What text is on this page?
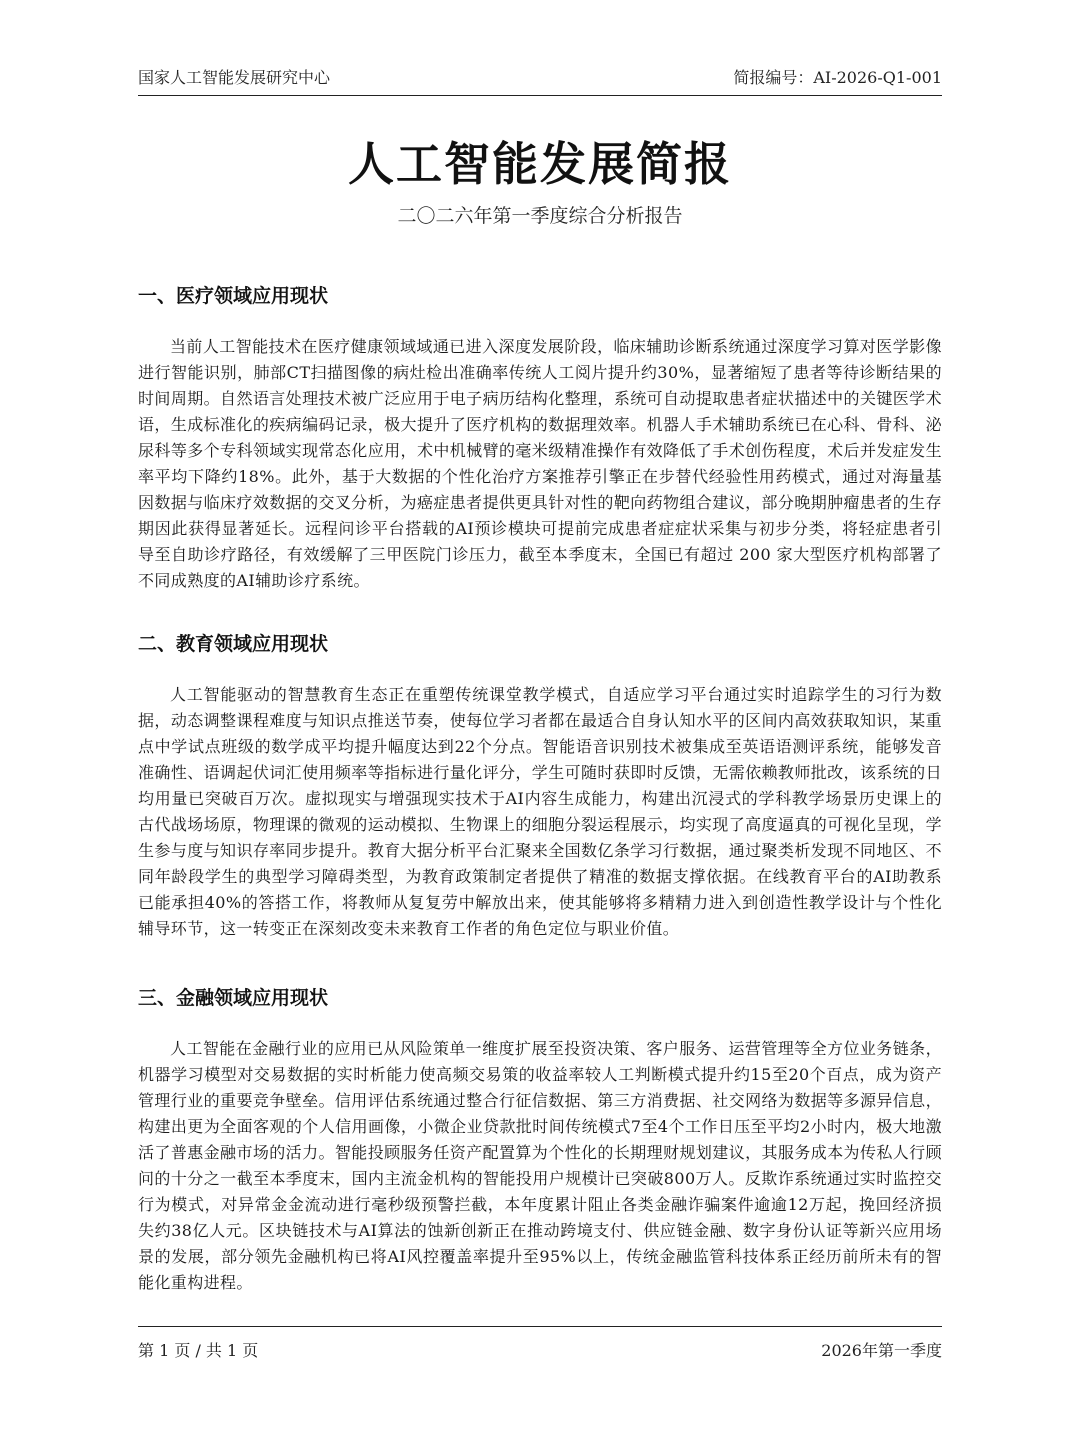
国家人工智能发展研究中心	简报编号：AI-2026-Q1-001
人工智能发展简报
二〇二六年第一季度综合分析报告
一、医疗领域应用现状

当前人工智能技术在医疗健康领域域通已进入深度发展阶段，临床辅助诊断系统通过深度学习算对医学影像进行智能识别，肺部CT扫描图像的病灶检出准确率传统人工阅片提升约30%，显著缩短了患者等待诊断结果的时间周期。自然语言处理技术被广泛应用于电子病历结构化整理，系统可自动提取患者症状描述中的关键医学术语，生成标准化的疾病编码记录，极大提升了医疗机构的数据理效率。机器人手术辅助系统已在心科、骨科、泌尿科等多个专科领域实现常态化应用，术中机械臂的毫米级精准操作有效降低了手术创伤程度，术后并发症发生率平均下降约18%。此外，基于大数据的个性化治疗方案推荐引擎正在步替代经验性用药模式，通过对海量基因数据与临床疗效数据的交叉分析，为癌症患者提供更具针对性的靶向药物组合建议，部分晚期肿瘤患者的生存期因此获得显著延长。远程问诊平台搭载的AI预诊模块可提前完成患者症症状采集与初步分类，将轻症患者引导至自助诊疗路径，有效缓解了三甲医院门诊压力，截至本季度末，全国已有超过 200 家大型医疗机构部署了不同成熟度的AI辅助诊疗系统。

二、教育领域应用现状

人工智能驱动的智慧教育生态正在重塑传统课堂教学模式，自适应学习平台通过实时追踪学生的习行为数据，动态调整课程难度与知识点推送节奏，使每位学习者都在最适合自身认知水平的区间内高效获取知识，某重点中学试点班级的数学成平均提升幅度达到22个分点。智能语音识别技术被集成至英语语测评系统，能够发音准确性、语调起伏词汇使用频率等指标进行量化评分，学生可随时获即时反馈，无需依赖教师批改，该系统的日均用量已突破百万次。虚拟现实与增强现实技术于AI内容生成能力，构建出沉浸式的学科教学场景历史课上的古代战场场原，物理课的微观的运动模拟、生物课上的细胞分裂运程展示，均实现了高度逼真的可视化呈现，学生参与度与知识存率同步提升。教育大据分析平台汇聚来全国数亿条学习行数据，通过聚类析发现不同地区、不同年龄段学生的典型学习障碍类型，为教育政策制定者提供了精准的数据支撑依据。在线教育平台的AI助教系已能承担40%的答搭工作，将教师从复复劳中解放出来，使其能够将多精精力进入到创造性教学设计与个性化辅导环节，这一转变正在深刻改变未来教育工作者的角色定位与职业价值。

三、金融领域应用现状

人工智能在金融行业的应用已从风险策单一维度扩展至投资决策、客户服务、运营管理等全方位业务链条，机器学习模型对交易数据的实时析能力使高频交易策的收益率较人工判断模式提升约15至20个百点，成为资产管理行业的重要竞争壁垒。信用评估系统通过整合行征信数据、第三方消费据、社交网络为数据等多源异信息，构建出更为全面客观的个人信用画像，小微企业贷款批时间传统模式7至4个工作日压至平均2小时内，极大地激活了普惠金融市场的活力。智能投顾服务任资产配置算为个性化的长期理财规划建议，其服务成本为传私人行顾问的十分之一截至本季度末，国内主流金机构的智能投用户规模计已突破800万人。反欺诈系统通过实时监控交行为模式，对异常金金流动进行毫秒级预警拦截，本年度累计阻止各类金融诈骗案件逾逾12万起，挽回经济损失约38亿人元。区块链技术与AI算法的蚀新创新正在推动跨境支付、供应链金融、数字身份认证等新兴应用场景的发展，部分领先金融机构已将AI风控覆盖率提升至95%以上，传统金融监管科技体系正经历前所未有的智能化重构进程。

第 1 页 / 共 1 页	2026年第一季度
